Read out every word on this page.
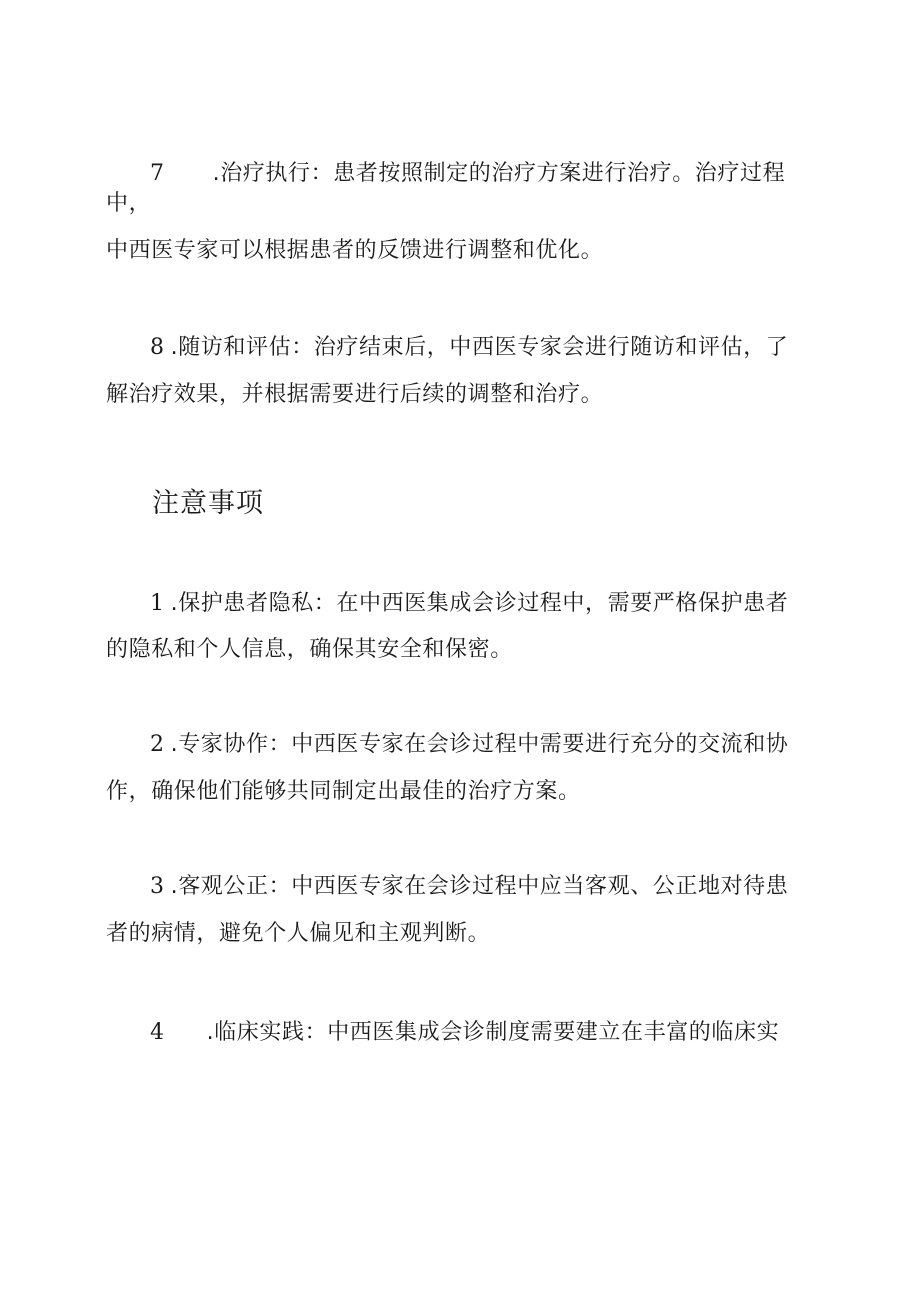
7 .治疗执行：患者按照制定的治疗方案进行治疗。治疗过程
中，
中西医专家可以根据患者的反馈进行调整和优化。
8 .随访和评估：治疗结束后，中西医专家会进行随访和评估，了
解治疗效果，并根据需要进行后续的调整和治疗。
注意事项
1 .保护患者隐私：在中西医集成会诊过程中，需要严格保护患者
的隐私和个人信息，确保其安全和保密。
2 .专家协作：中西医专家在会诊过程中需要进行充分的交流和协
作，确保他们能够共同制定出最佳的治疗方案。
3 .客观公正：中西医专家在会诊过程中应当客观、公正地对待患
者的病情，避免个人偏见和主观判断。
4 .临床实践：中西医集成会诊制度需要建立在丰富的临床实
